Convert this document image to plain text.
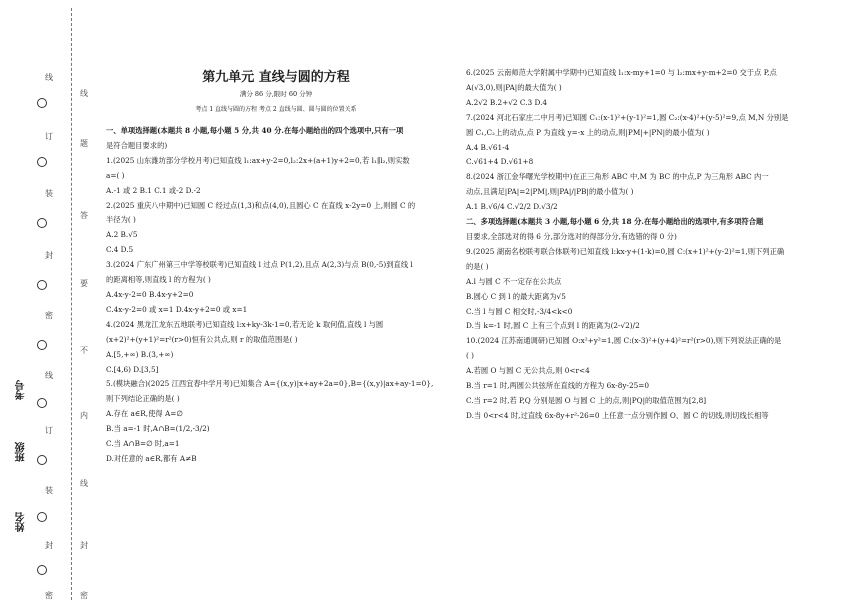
线
订
装
封
密
线
订
装
封
密
考号
班级
姓名
线
题
答
要
不
内
线
封
密
第九单元 直线与圆的方程
满分 86 分,限时 60 分钟
考点 1 直线与圆的方程 考点 2 直线与圆、圆与圆的位置关系
一、单项选择题(本题共 8 小题,每小题 5 分,共 40 分.在每小题给出的四个选项中,只有一项
是符合题目要求的)
1.(2025 山东潍坊部分学校月考)已知直线 l₁:ax+y-2=0,l₂:2x+(a+1)y+2=0,若 l₁∥l₂,则实数
a=( )
A.-1 或 2 B.1 C.1 或-2 D.-2
2.(2025 重庆八中期中)已知圆 C 经过点(1,3)和点(4,0),且圆心 C 在直线 x-2y=0 上,则圆 C 的
半径为( )
A.2 B.√5
C.4 D.5
3.(2024 广东广州第三中学等校联考)已知直线 l 过点 P(1,2),且点 A(2,3)与点 B(0,-5)到直线 l
的距离相等,则直线 l 的方程为( )
A.4x-y-2=0 B.4x-y+2=0
C.4x-y-2=0 或 x=1 D.4x-y+2=0 或 x=1
4.(2024 黑龙江龙东五地联考)已知直线 l:x+ky-3k-1=0,若无论 k 取何值,直线 l 与圆
(x+2)²+(y+1)²=r²(r>0)恒有公共点,则 r 的取值范围是( )
A.[5,+∞) B.(3,+∞)
C.[4,6) D.[3,5]
5.(模块融合)(2025 江西宜春中学月考)已知集合 A={(x,y)|x+ay+2a=0},B={(x,y)|ax+ay-1=0},
则下列结论正确的是( )
A.存在 a∈R,使得 A=∅
B.当 a=-1 时,A∩B=(1/2,-3/2)
C.当 A∩B=∅ 时,a=1
D.对任意的 a∈R,都有 A≠B
6.(2025 云南师范大学附属中学期中)已知直线 l₁:x-my+1=0 与 l₂:mx+y-m+2=0 交于点 P,点
A(√3,0),则|PA|的最大值为( )
A.2√2 B.2+√2 C.3 D.4
7.(2024 河北石家庄二中月考)已知圆 C₁:(x-1)²+(y-1)²=1,圆 C₂:(x-4)²+(y-5)²=9,点 M,N 分别是
圆 C₁,C₂上的动点,点 P 为直线 y=-x 上的动点,则|PM|+|PN|的最小值为( )
A.4 B.√61-4
C.√61+4 D.√61+8
8.(2024 浙江金华曙光学校期中)在正三角形 ABC 中,M 为 BC 的中点,P 为三角形 ABC 内一
动点,且满足|PA|=2|PM|,则|PA|/|PB|的最小值为( )
A.1 B.√6/4 C.√2/2 D.√3/2
二、多项选择题(本题共 3 小题,每小题 6 分,共 18 分.在每小题给出的选项中,有多项符合题
目要求,全部选对的得 6 分,部分选对的得部分分,有选错的得 0 分)
9.(2025 湖南名校联考联合体联考)已知直线 l:kx-y+(1-k)=0,圆 C:(x+1)²+(y-2)²=1,则下列正确
的是( )
A.l 与圆 C 不一定存在公共点
B.圆心 C 到 l 的最大距离为√5
C.当 l 与圆 C 相交时,-3/4<k<0
D.当 k=-1 时,圆 C 上有三个点到 l 的距离为(2-√2)/2
10.(2024 江苏南通调研)已知圆 O:x²+y²=1,圆 C:(x-3)²+(y+4)²=r²(r>0),则下列说法正确的是
( )
A.若圆 O 与圆 C 无公共点,则 0<r<4
B.当 r=1 时,两圆公共弦所在直线的方程为 6x-8y-25=0
C.当 r=2 时,若 P,Q 分别是圆 O 与圆 C 上的点,则|PQ|的取值范围为[2,8]
D.当 0<r<4 时,过直线 6x-8y+r²-26=0 上任意一点分别作圆 O、圆 C 的切线,则切线长相等
